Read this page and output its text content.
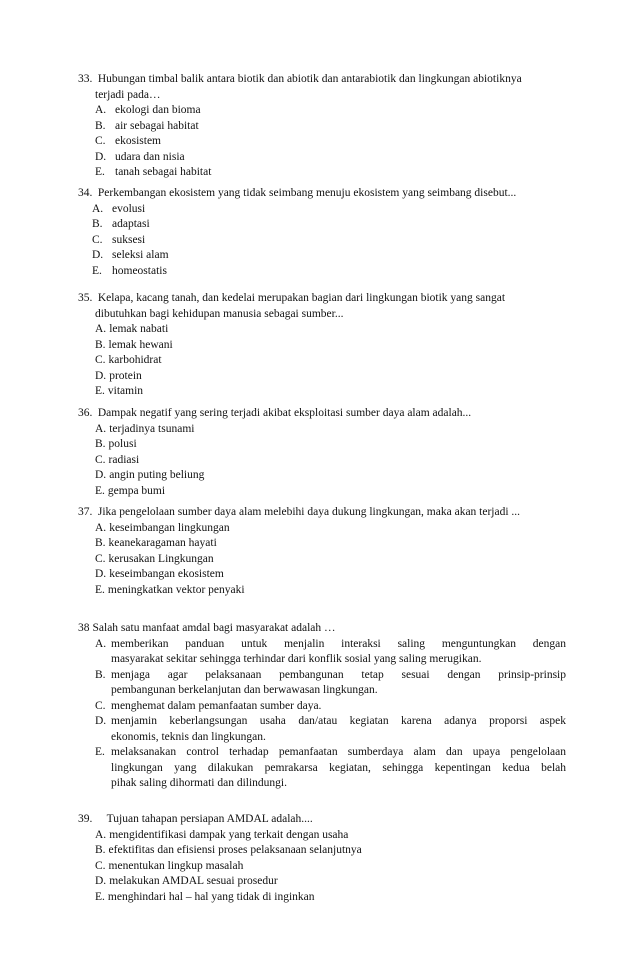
33. Hubungan timbal balik antara biotik dan abiotik dan antarabiotik dan lingkungan abiotiknya
terjadi pada…

A. ekologi dan bioma
B. air sebagai habitat
C. ekosistem
D. udara dan nisia
E. tanah sebagai habitat

34. Perkembangan ekosistem yang tidak seimbang menuju ekosistem yang seimbang disebut...

A. evolusi
B. adaptasi
C. suksesi
D. seleksi alam
E. homeostatis

35. Kelapa, kacang tanah, dan kedelai merupakan bagian dari lingkungan biotik yang sangat
dibutuhkan bagi kehidupan manusia sebagai sumber...

A. lemak nabati
B. lemak hewani
C. karbohidrat
D. protein
E. vitamin

36. Dampak negatif yang sering terjadi akibat eksploitasi sumber daya alam adalah...

A. terjadinya tsunami
B. polusi
C. radiasi
D. angin puting beliung
E. gempa bumi

37. Jika pengelolaan sumber daya alam melebihi daya dukung lingkungan, maka akan terjadi ...

A. keseimbangan lingkungan
B. keanekaragaman hayati
C. kerusakan Lingkungan
D. keseimbangan ekosistem
E. meningkatkan vektor penyaki

38 Salah satu manfaat amdal bagi masyarakat adalah …

A. memberikan panduan untuk menjalin interaksi saling menguntungkan dengan
masyarakat sekitar sehingga terhindar dari konflik sosial yang saling merugikan.
B. menjaga agar pelaksanaan pembangunan tetap sesuai dengan prinsip-prinsip
pembangunan berkelanjutan dan berwawasan lingkungan.
C. menghemat dalam pemanfaatan sumber daya.
D. menjamin keberlangsungan usaha dan/atau kegiatan karena adanya proporsi aspek
ekonomis, teknis dan lingkungan.
E. melaksanakan control terhadap pemanfaatan sumberdaya alam dan upaya pengelolaan
lingkungan yang dilakukan pemrakarsa kegiatan, sehingga kepentingan kedua belah
pihak saling dihormati dan dilindungi.

39. Tujuan tahapan persiapan AMDAL adalah....

A. mengidentifikasi dampak yang terkait dengan usaha
B. efektifitas dan efisiensi proses pelaksanaan selanjutnya
C. menentukan lingkup masalah
D. melakukan AMDAL sesuai prosedur
E. menghindari hal – hal yang tidak di inginkan
